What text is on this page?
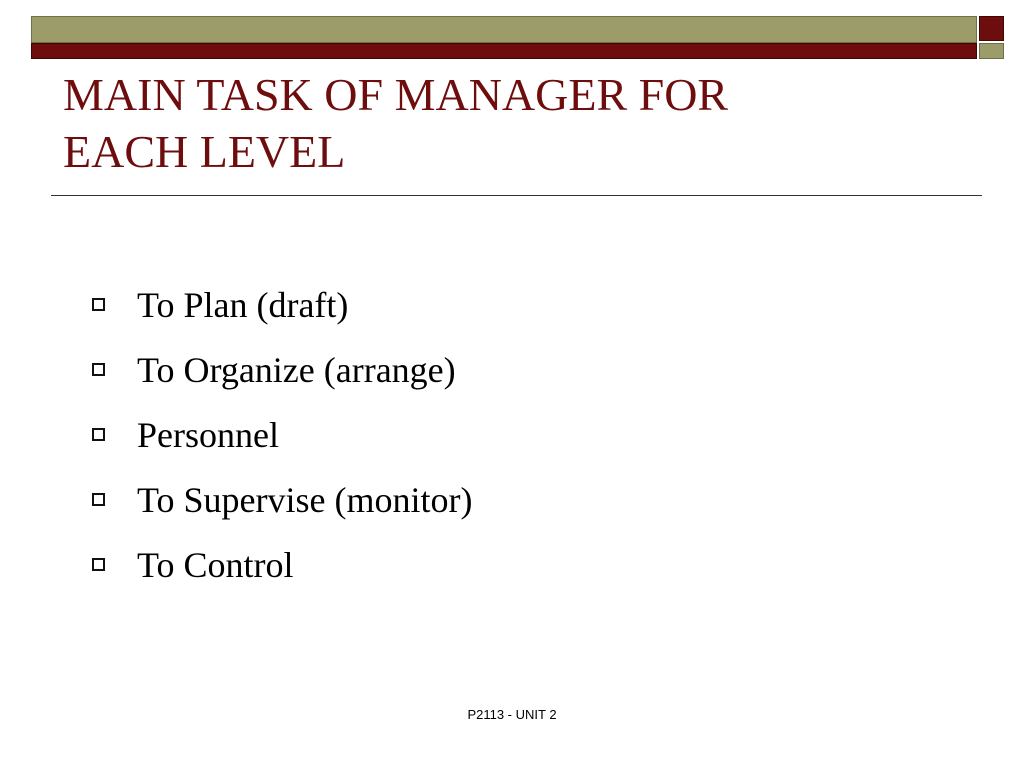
MAIN TASK OF MANAGER FOR
EACH LEVEL
To Plan (draft)
To Organize (arrange)
Personnel
To Supervise (monitor)
To Control
P2113 - UNIT 2
